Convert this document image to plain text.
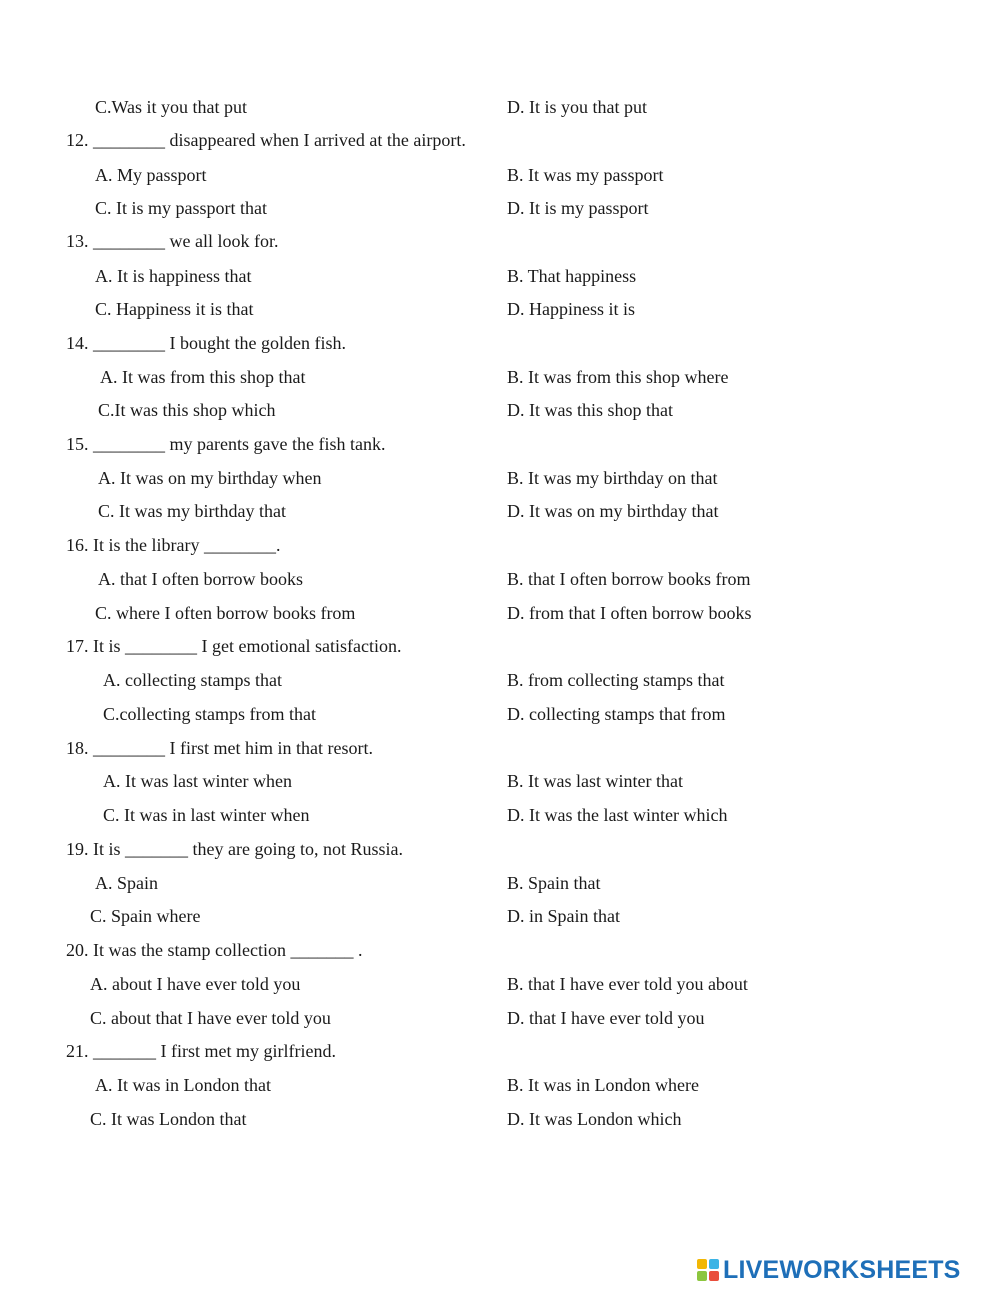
C.Was it you that put	D. It is you that put
12. ________ disappeared when I arrived at the airport.
A. My passport	B. It was my passport
C. It is my passport that	D. It is my passport
13. ________ we all look for.
A. It is happiness that	B. That happiness
C. Happiness it is that	D. Happiness it is
14. ________ I bought the golden fish.
A. It was from this shop that	B. It was from this shop where
C.It was this shop which	D. It was this shop that
15. ________ my parents gave the fish tank.
A. It was on my birthday when	B. It was my birthday on that
C. It was my birthday that	D. It was on my birthday that
16. It is the library ________.
A. that I often borrow books	B. that I often borrow books from
C. where I often borrow books from	D. from that I often borrow books
17. It is ________ I get emotional satisfaction.
A. collecting stamps that	B. from collecting stamps that
C.collecting stamps from that	D. collecting stamps that from
18. ________ I first met him in that resort.
A. It was last winter when	B. It was last winter that
C. It was in last winter when	D. It was the last winter which
19. It is _______ they are going to, not Russia.
A. Spain	B. Spain that
C. Spain where	D. in Spain that
20. It was the stamp collection _______ .
A. about I have ever told you	B. that I have ever told you about
C. about that I have ever told you	D. that I have ever told you
21. _______ I first met my girlfriend.
A. It was in London that	B. It was in London where
C. It was London that	D. It was London which
LIVEWORKSHEETS
